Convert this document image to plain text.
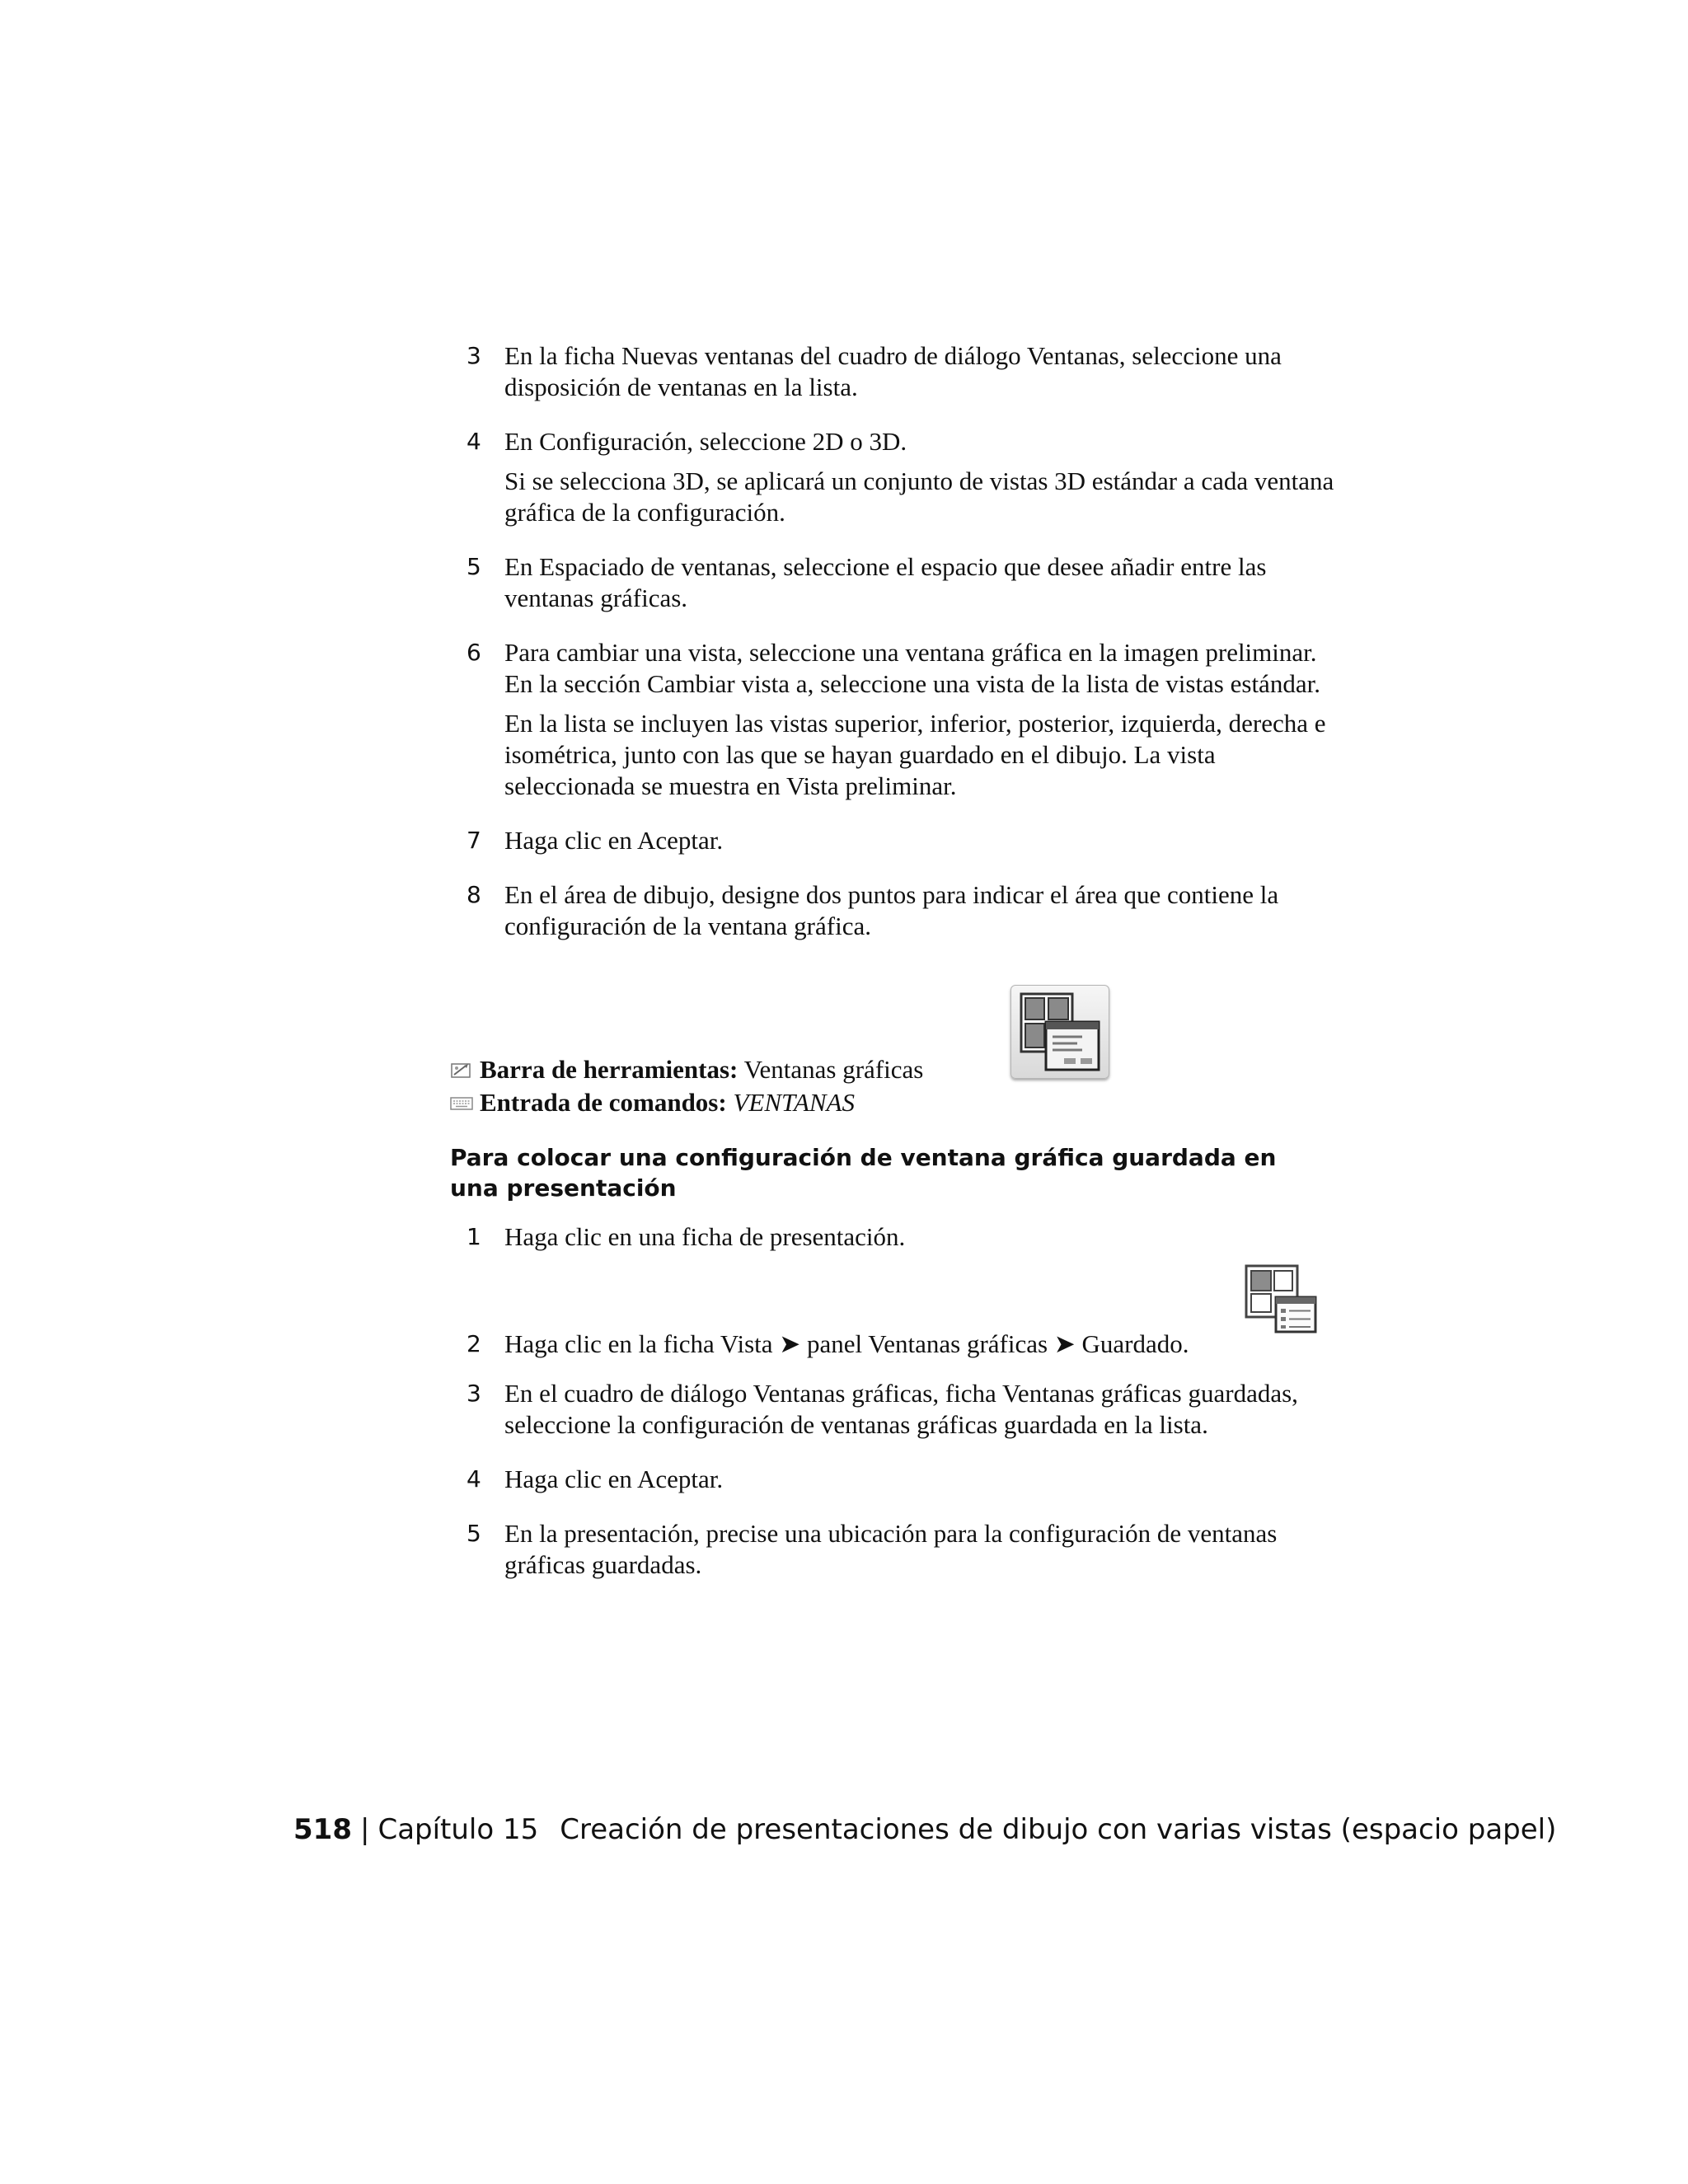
3 En la ficha Nuevas ventanas del cuadro de diálogo Ventanas, seleccione una disposición de ventanas en la lista.

4 En Configuración, seleccione 2D o 3D.

Si se selecciona 3D, se aplicará un conjunto de vistas 3D estándar a cada ventana gráfica de la configuración.

5 En Espaciado de ventanas, seleccione el espacio que desee añadir entre las ventanas gráficas.

6 Para cambiar una vista, seleccione una ventana gráfica en la imagen preliminar. En la sección Cambiar vista a, seleccione una vista de la lista de vistas estándar.

En la lista se incluyen las vistas superior, inferior, posterior, izquierda, derecha e isométrica, junto con las que se hayan guardado en el dibujo. La vista seleccionada se muestra en Vista preliminar.

7 Haga clic en Aceptar.

8 En el área de dibujo, designe dos puntos para indicar el área que contiene la configuración de la ventana gráfica.

Barra de herramientas: Ventanas gráficas
Entrada de comandos: VENTANAS
Para colocar una configuración de ventana gráfica guardada en una presentación
1 Haga clic en una ficha de presentación.

2 Haga clic en la ficha Vista ➤ panel Ventanas gráficas ➤ Guardado.

3 En el cuadro de diálogo Ventanas gráficas, ficha Ventanas gráficas guardadas, seleccione la configuración de ventanas gráficas guardada en la lista.

4 Haga clic en Aceptar.

5 En la presentación, precise una ubicación para la configuración de ventanas gráficas guardadas.

518 | Capítulo 15 Creación de presentaciones de dibujo con varias vistas (espacio papel)
